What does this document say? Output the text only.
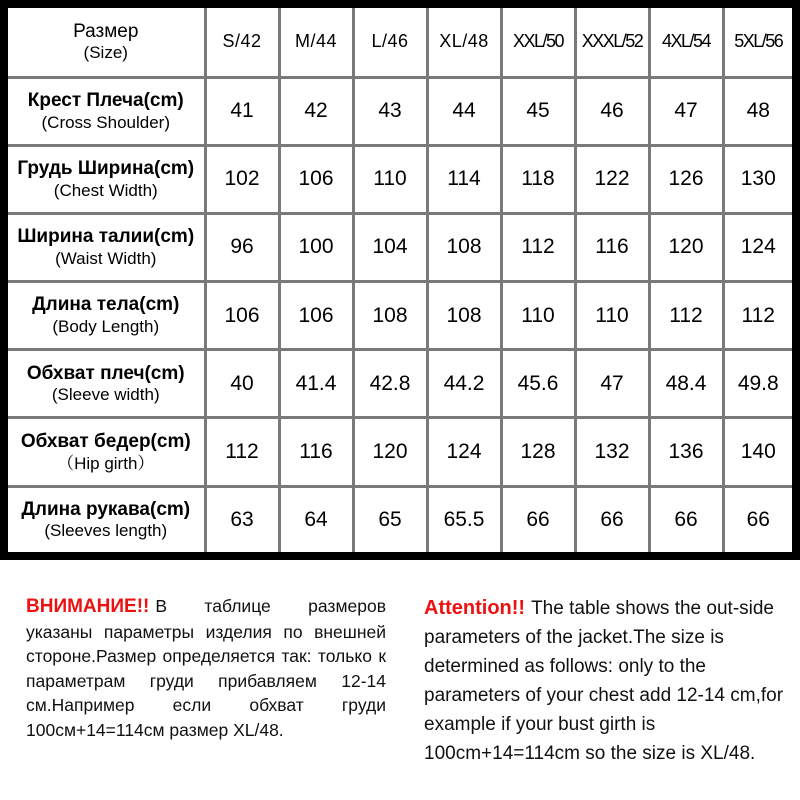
Размер
(Size)	S/42	M/44	L/46	XL/48	XXL/50	XXXL/52	4XL/54	5XL/56

Крест Плеча(cm)
(Cross Shoulder)	41	42	43	44	45	46	47	48

Грудь Ширина(cm)
(Chest Width)	102	106	110	114	118	122	126	130

Ширина талии(cm)
(Waist Width)	96	100	104	108	112	116	120	124

Длина тела(cm)
(Body Length)	106	106	108	108	110	110	112	112

Обхват плеч(cm)
(Sleeve width)	40	41.4	42.8	44.2	45.6	47	48.4	49.8

Обхват бедер(cm)
（Hip girth）	112	116	120	124	128	132	136	140

Длина рукава(cm)
(Sleeves length)	63	64	65	65.5	66	66	66	66
ВНИМАНИЕ!! В таблице размеров указаны параметры изделия по внешней стороне.Размер определяется так: только к параметрам груди прибавляем 12-14 см.Например если обхват груди 100см+14=114см размер XL/48.
Attention!! The table shows the out-side parameters of the jacket.The size is determined as follows: only to the parameters of your chest add 12-14 cm,for example if your bust girth is 100cm+14=114cm so the size is XL/48.
